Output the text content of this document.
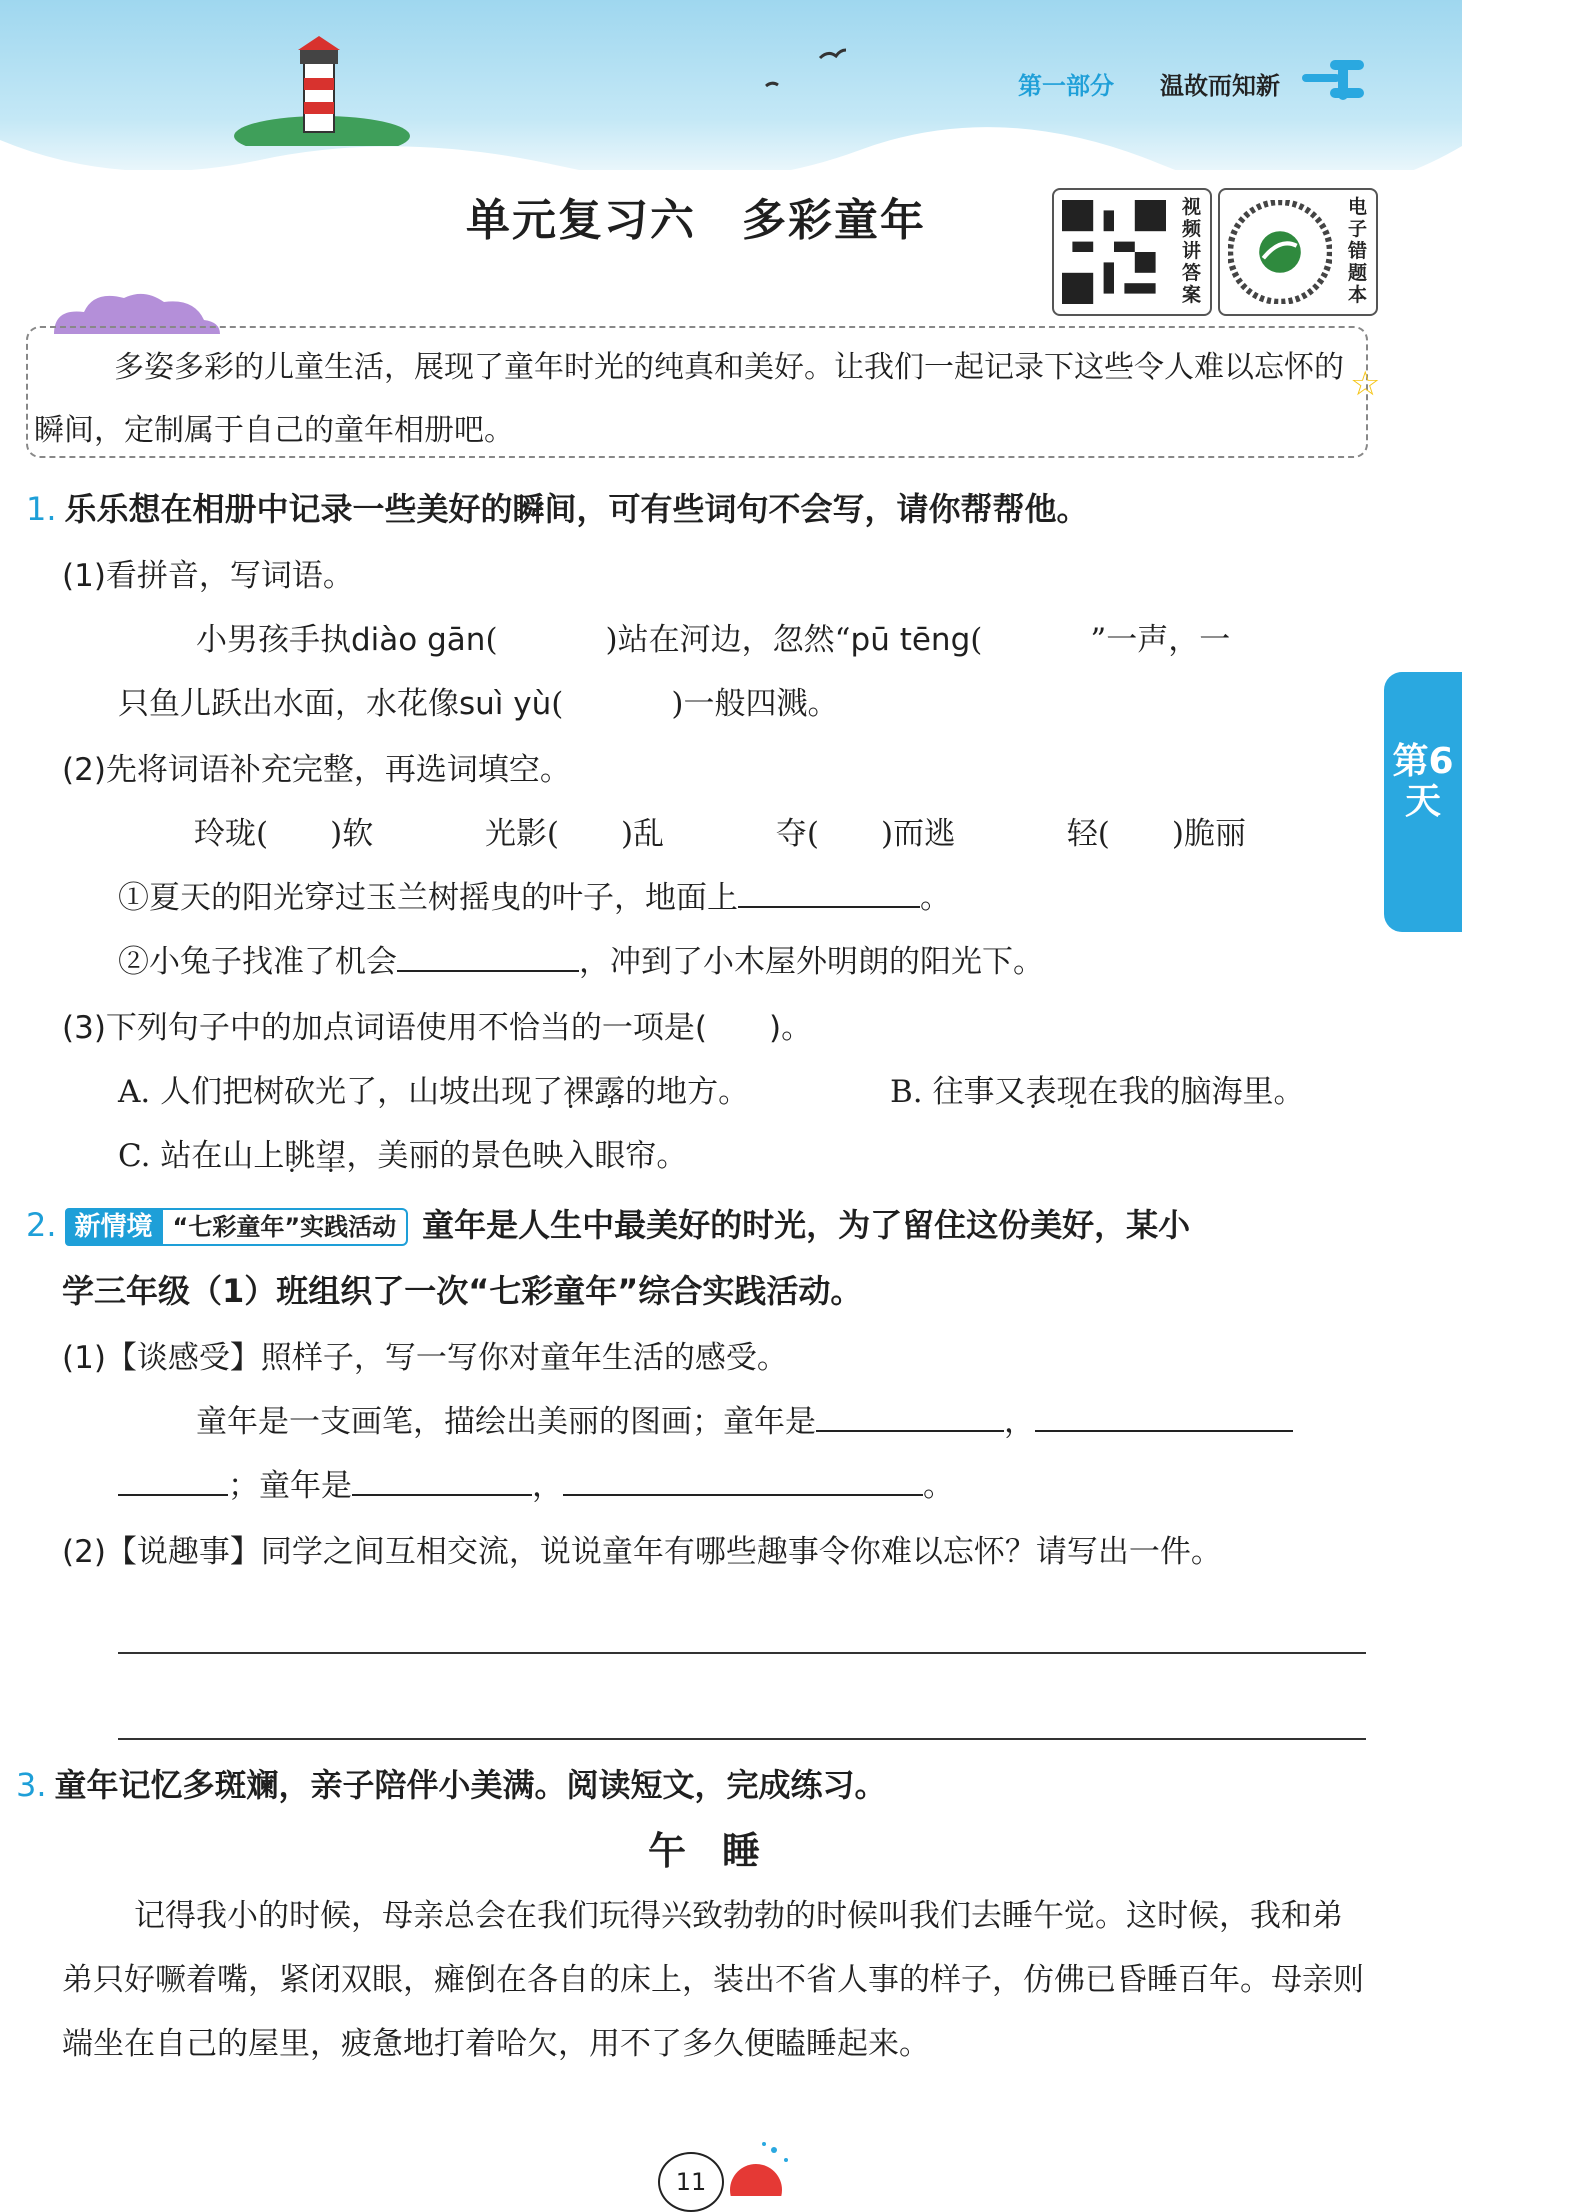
第一部分 温故而知新
单元复习六　多彩童年	视频讲答案
电子错题本
多姿多彩的儿童生活，展现了童年时光的纯真和美好。让我们一起记录下这些令人难以忘怀的瞬间，定制属于自己的童年相册吧。
☆
第6天
1. 乐乐想在相册中记录一些美好的瞬间，可有些词句不会写，请你帮帮他。
(1)看拼音，写词语。
小男孩手执diào gān(	)站在河边，忽然“pū tēng(	”一声，一
只鱼儿跃出水面，水花像suì yù(	)一般四溅。
(2)先将词语补充完整，再选词填空。
玲珑( )软	光影( )乱	夺( )而逃	轻( )脆丽
①夏天的阳光穿过玉兰树摇曳的叶子，地面上	。
②小兔子找准了机会	，冲到了小木屋外明朗的阳光下。
(3)下列句子中的加点词语使用不恰当的一项是(　　)。
A. 人们把树砍光了，山坡出现了裸露 • •的地方。	B. 往事又表现 • •在我的脑海里。
C. 站在山上眺望 • •，美丽的景色映入眼帘。
2. 新情境 “七彩童年”实践活动 童年是人生中最美好的时光，为了留住这份美好，某小
学三年级（1）班组织了一次“七彩童年”综合实践活动。
(1)【谈感受】照样子，写一写你对童年生活的感受。
童年是一支画笔，描绘出美丽的图画；童年是	，
；童年是	，	。
(2)【说趣事】同学之间互相交流，说说童年有哪些趣事令你难以忘怀？请写出一件。
3. 童年记忆多斑斓，亲子陪伴小美满。阅读短文，完成练习。
午睡
记得我小的时候，母亲总会在我们玩得兴致勃勃的时候叫我们去睡午觉。这时候，我和弟弟只好噘着嘴，紧闭双眼，瘫倒在各自的床上，装出不省人事的样子，仿佛已昏睡百年。母亲则端坐在自己的屋里，疲惫地打着哈欠，用不了多久便瞌睡起来。
11
